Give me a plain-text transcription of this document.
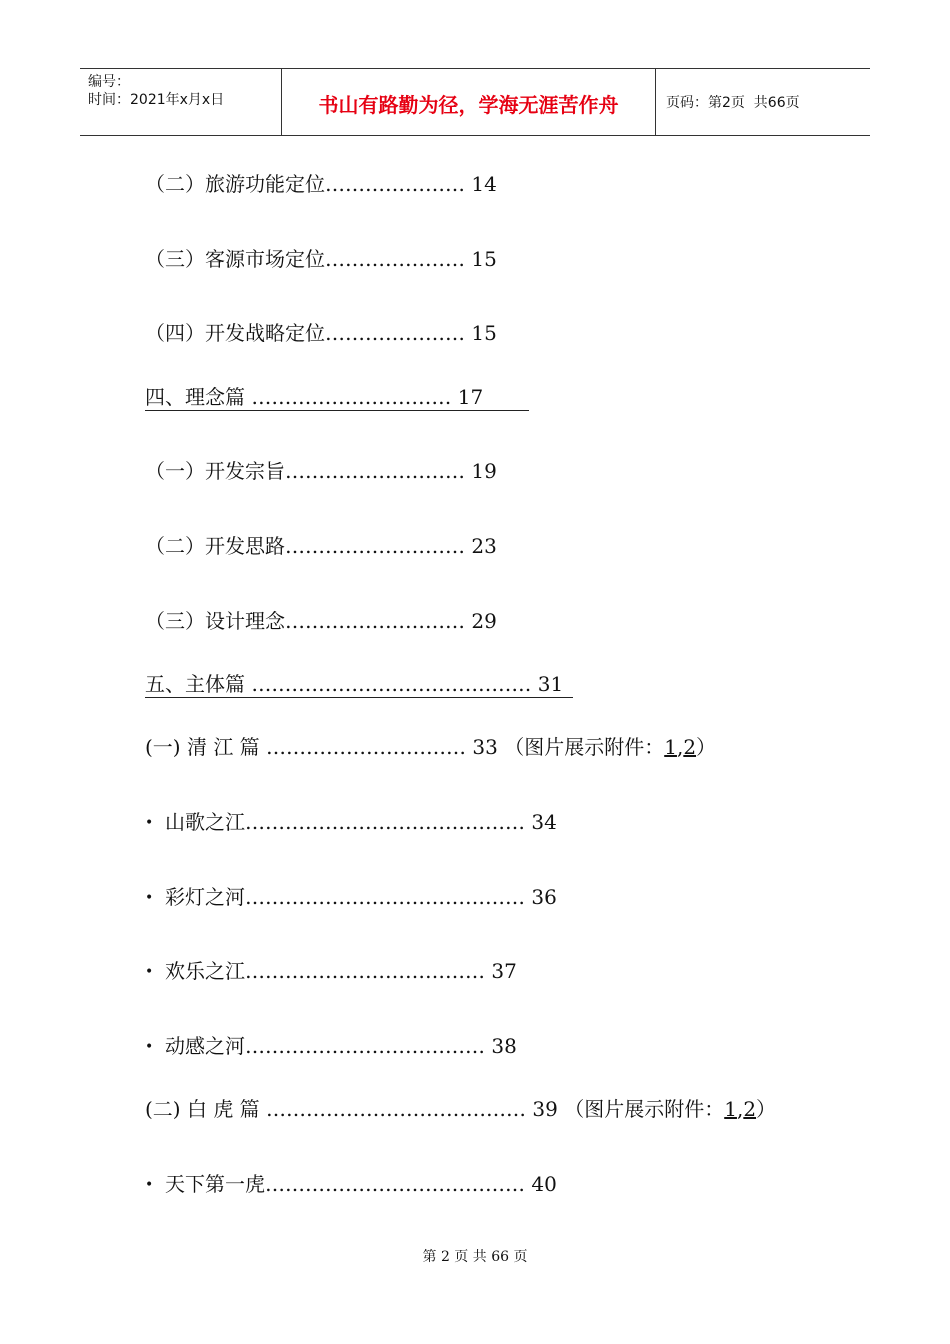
编号：
时间：2021年x月x日	书山有路勤为径，学海无涯苦作舟	页码：第2页  共66页
（二）旅游功能定位………………… 14
（三）客源市场定位………………… 15
（四）开发战略定位………………… 15
四、理念篇 ………………………… 17
（一）开发宗旨……………………… 19
（二）开发思路……………………… 23
（三）设计理念……………………… 29
五、主体篇 …………………………………… 31
(一) 清 江 篇 ………………………… 33 （图片展示附件：1,2）
• 山歌之江…………………………………… 34
• 彩灯之河…………………………………… 36
• 欢乐之江……………………………… 37
• 动感之河……………………………… 38
(二) 白 虎 篇 ………………………………… 39 （图片展示附件：1,2）
• 天下第一虎………………………………… 40
第 2 页 共 66 页
